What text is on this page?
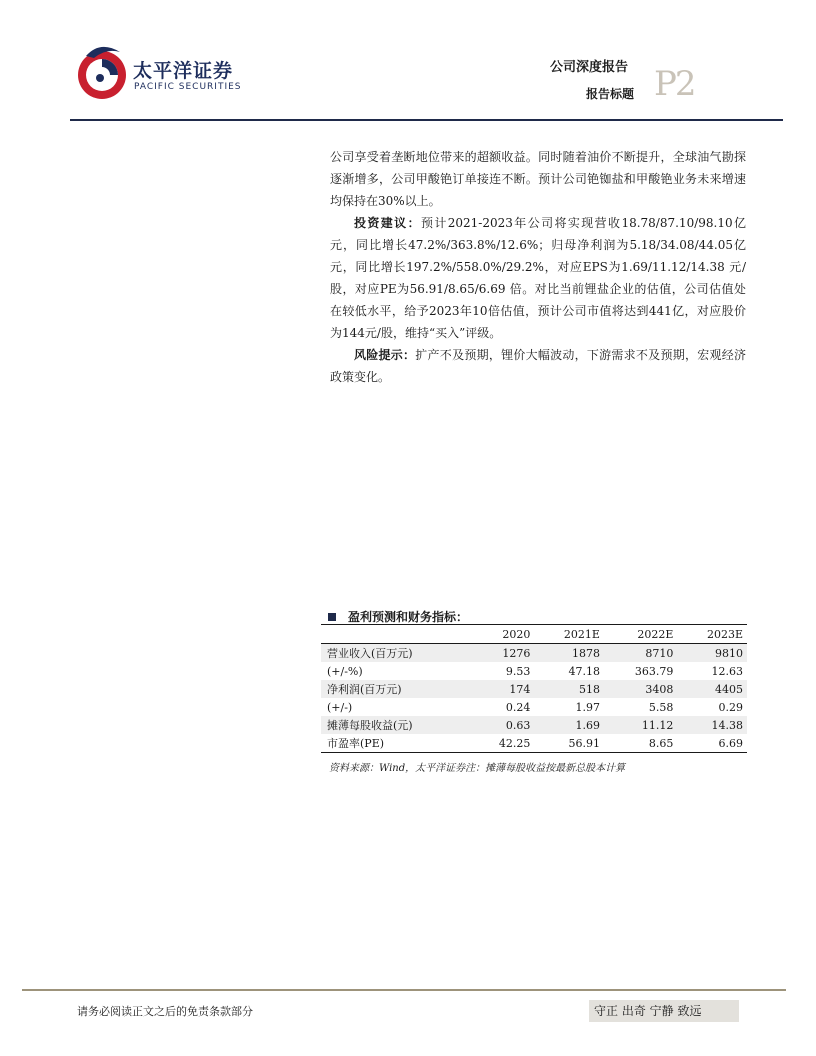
太平洋证券
PACIFIC SECURITIES
公司深度报告
报告标题 P2

公司享受着垄断地位带来的超额收益。同时随着油价不断提升，全球油气勘探逐渐增多，公司甲酸铯订单接连不断。预计公司铯铷盐和甲酸铯业务未来增速均保持在30%以上。

投资建议：预计2021-2023年公司将实现营收18.78/87.10/98.10亿元，同比增长47.2%/363.8%/12.6%；归母净利润为5.18/34.08/44.05亿元，同比增长197.2%/558.0%/29.2%，对应EPS为1.69/11.12/14.38 元/股，对应PE为56.91/8.65/6.69 倍。对比当前锂盐企业的估值，公司估值处在较低水平，给予2023年10倍估值，预计公司市值将达到441亿，对应股价为144元/股，维持“买入”评级。

风险提示：扩产不及预期，锂价大幅波动，下游需求不及预期，宏观经济政策变化。

盈利预测和财务指标：
	2020	2021E	2022E	2023E
营业收入(百万元)	1276	1878	8710	9810
(+/-%)	9.53	47.18	363.79	12.63
净利润(百万元)	174	518	3408	4405
(+/-)	0.24	1.97	5.58	0.29
摊薄每股收益(元)	0.63	1.69	11.12	14.38
市盈率(PE)	42.25	56.91	8.65	6.69
资料来源：Wind，太平洋证券注：摊薄每股收益按最新总股本计算
请务必阅读正文之后的免责条款部分	守正 出奇 宁静 致远
